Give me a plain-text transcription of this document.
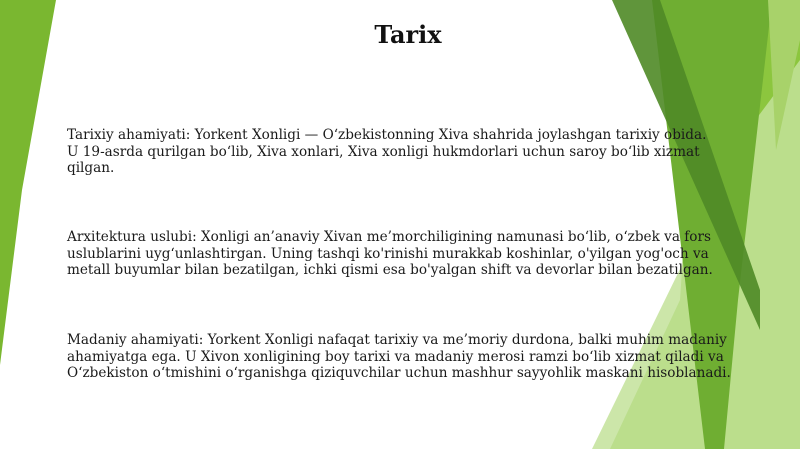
Tarix
Tarixiy ahamiyati: Yorkent Xonligi — O‘zbekistonning Xiva shahrida joylashgan tarixiy obida.
U 19-asrda qurilgan bo‘lib, Xiva xonlari, Xiva xonligi hukmdorlari uchun saroy bo‘lib xizmat
qilgan.
Arxitektura uslubi: Xonligi an’anaviy Xivan me’morchiligining namunasi bo‘lib, o‘zbek va fors
uslublarini uyg‘unlashtirgan. Uning tashqi ko'rinishi murakkab koshinlar, o'yilgan yog'och va
metall buyumlar bilan bezatilgan, ichki qismi esa bo'yalgan shift va devorlar bilan bezatilgan.
Madaniy ahamiyati: Yorkent Xonligi nafaqat tarixiy va me’moriy durdona, balki muhim madaniy
ahamiyatga ega. U Xivon xonligining boy tarixi va madaniy merosi ramzi bo‘lib xizmat qiladi va
O‘zbekiston o‘tmishini o‘rganishga qiziquvchilar uchun mashhur sayyohlik maskani hisoblanadi.
